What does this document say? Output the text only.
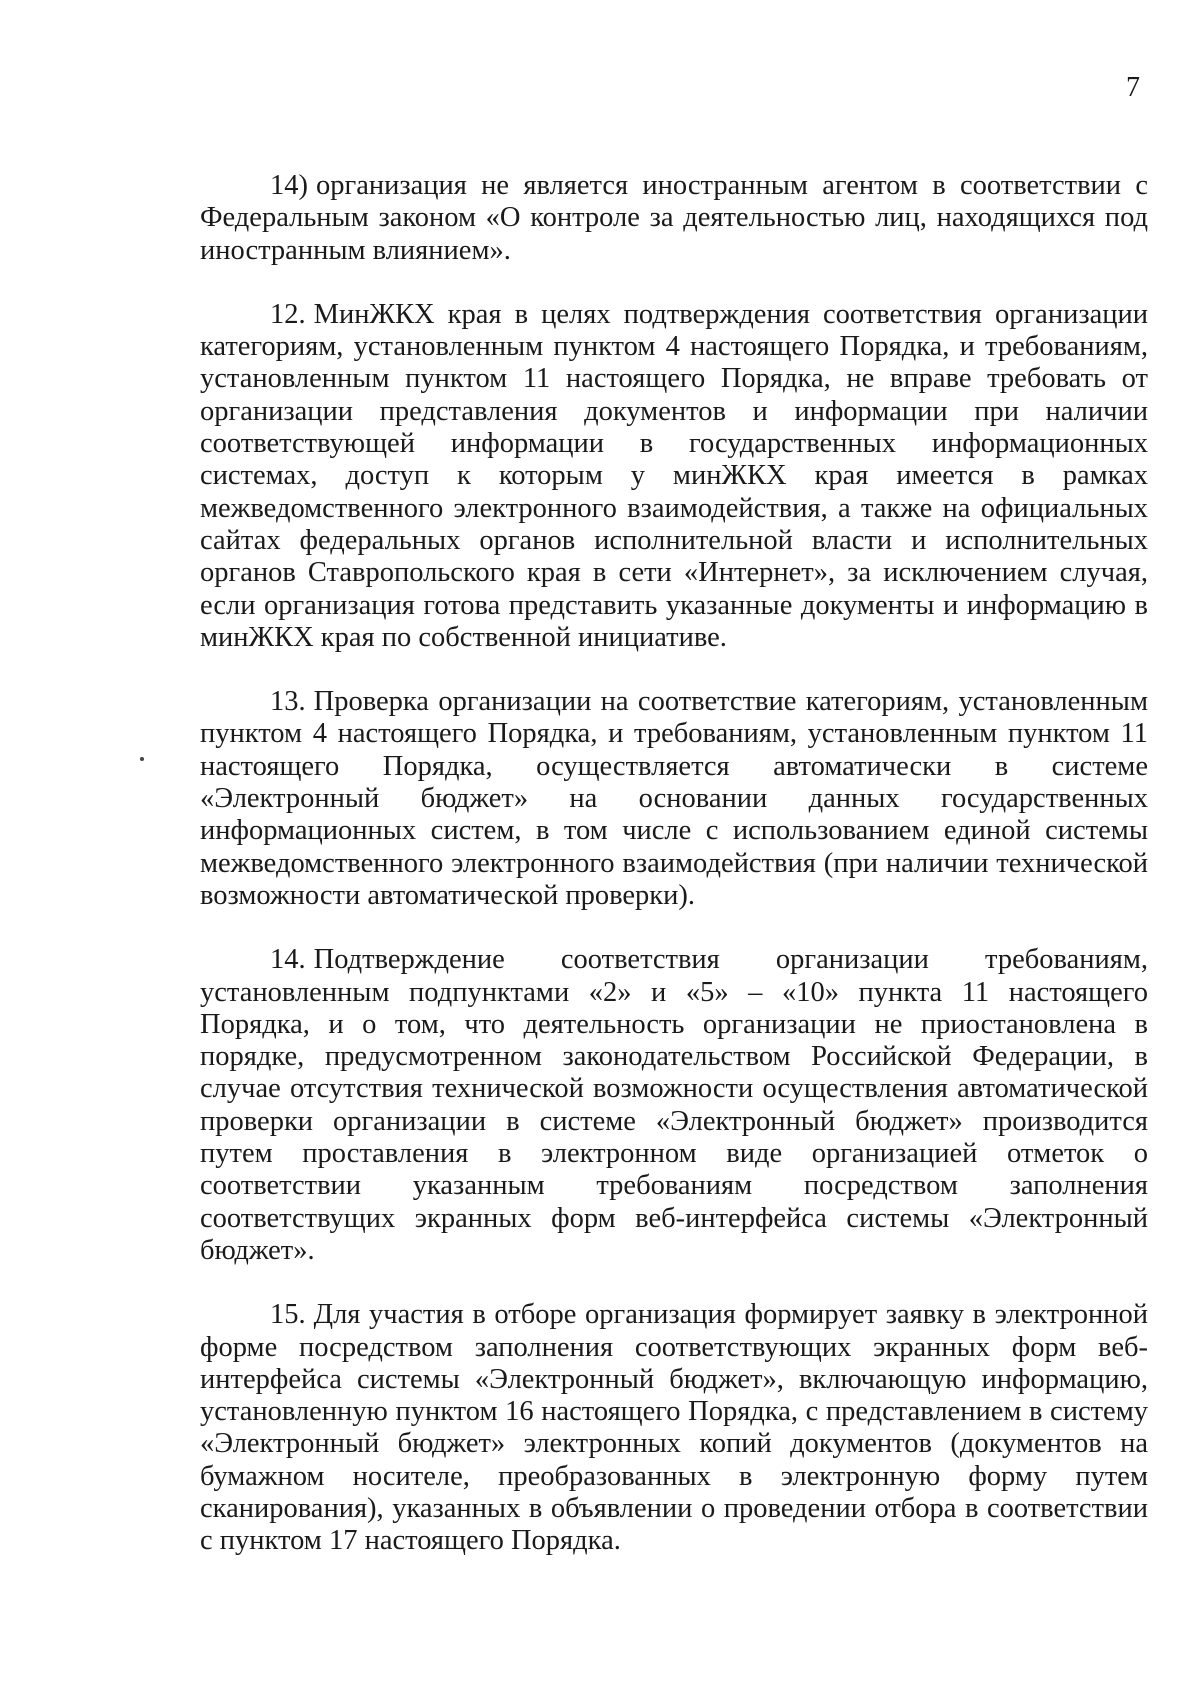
7

14) организация не является иностранным агентом в соответствии с Федеральным законом «О контроле за деятельностью лиц, находящихся под иностранным влиянием».

12. МинЖКХ края в целях подтверждения соответствия организации категориям, установленным пунктом 4 настоящего Порядка, и требованиям, установленным пунктом 11 настоящего Порядка, не вправе требовать от организации представления документов и информации при наличии соответствующей информации в государственных информационных системах, доступ к которым у минЖКХ края имеется в рамках межведомственного электронного взаимодействия, а также на официальных сайтах федеральных органов исполнительной власти и исполнительных органов Ставропольского края в сети «Интернет», за исключением случая, если организация готова представить указанные документы и информацию в минЖКХ края по собственной инициативе.

13. Проверка организации на соответствие категориям, установленным пунктом 4 настоящего Порядка, и требованиям, установленным пунктом 11 настоящего Порядка, осуществляется автоматически в системе «Электронный бюджет» на основании данных государственных информационных систем, в том числе с использованием единой системы межведомственного электронного взаимодействия (при наличии технической возможности автоматической проверки).

14. Подтверждение соответствия организации требованиям, установленным подпунктами «2» и «5» – «10» пункта 11 настоящего Порядка, и о том, что деятельность организации не приостановлена в порядке, предусмотренном законодательством Российской Федерации, в случае отсутствия технической возможности осуществления автоматической проверки организации в системе «Электронный бюджет» производится путем проставления в электронном виде организацией отметок о соответствии указанным требованиям посредством заполнения соответствущих экранных форм веб-интерфейса системы «Электронный бюджет».

15. Для участия в отборе организация формирует заявку в электронной форме посредством заполнения соответствующих экранных форм веб-интерфейса системы «Электронный бюджет», включающую информацию, установленную пунктом 16 настоящего Порядка, с представлением в систему «Электронный бюджет» электронных копий документов (документов на бумажном носителе, преобразованных в электронную форму путем сканирования), указанных в объявлении о проведении отбора в соответствии с пунктом 17 настоящего Порядка.
